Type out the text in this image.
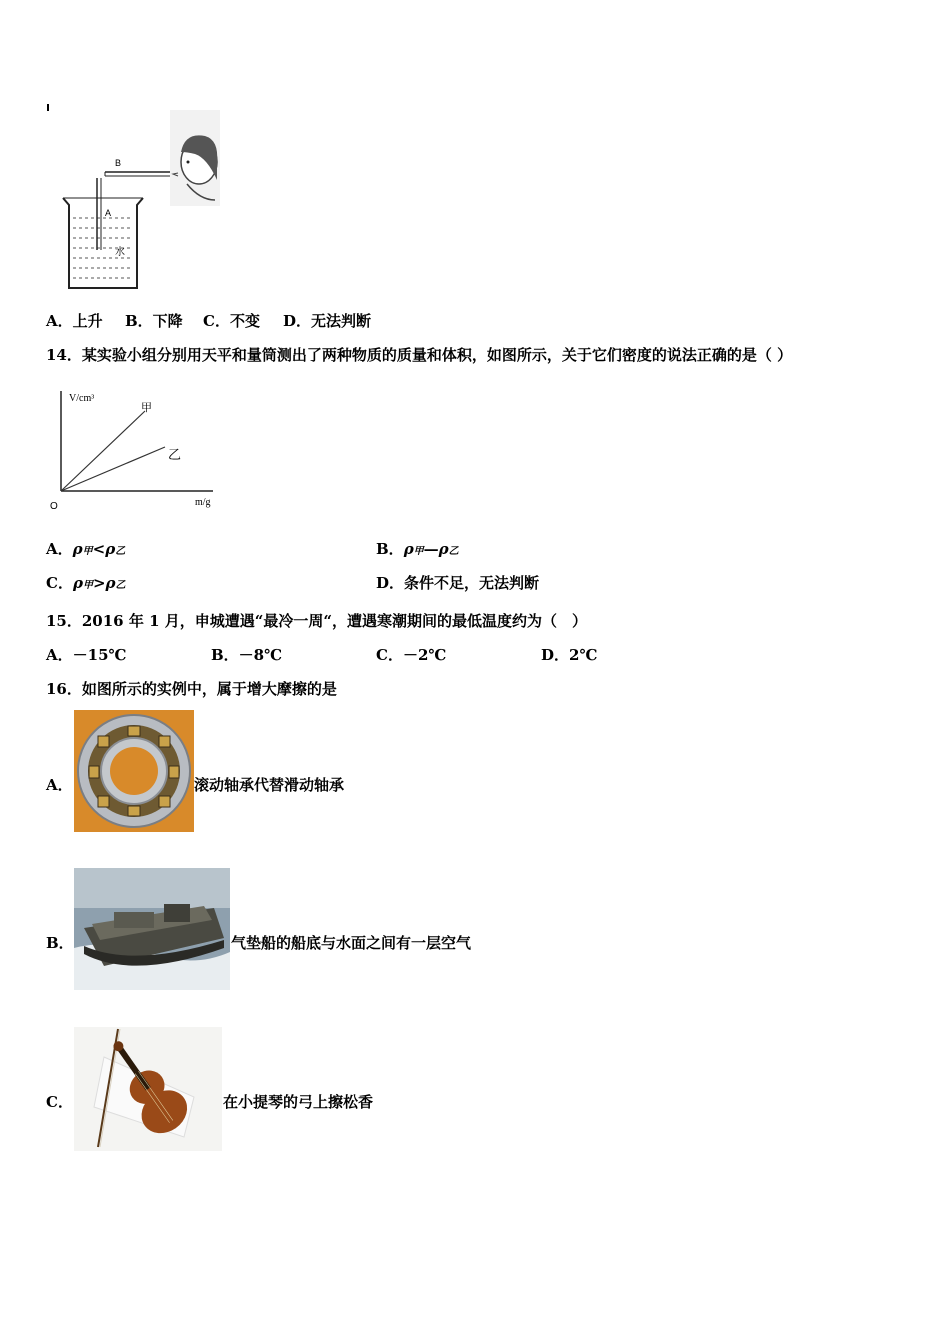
A
B
水
A．上升 B．下降 C．不变 D．无法判断
14．某实验小组分别用天平和量筒测出了两种物质的质量和体积，如图所示，关于它们密度的说法正确的是（ ）
V/cm³
m/g
O
甲
乙
A．ρ甲<ρ乙	B．ρ甲—ρ乙
C．ρ甲>ρ乙	D．条件不足，无法判断
15．2016 年 1 月，申城遭遇“最冷一周“，遭遇寒潮期间的最低温度约为（　）
A．－15℃	B．－8℃	C．－2℃	D．2℃
16．如图所示的实例中，属于增大摩擦的是
A．	滚动轴承代替滑动轴承
B．	气垫船的船底与水面之间有一层空气
C．	在小提琴的弓上擦松香
